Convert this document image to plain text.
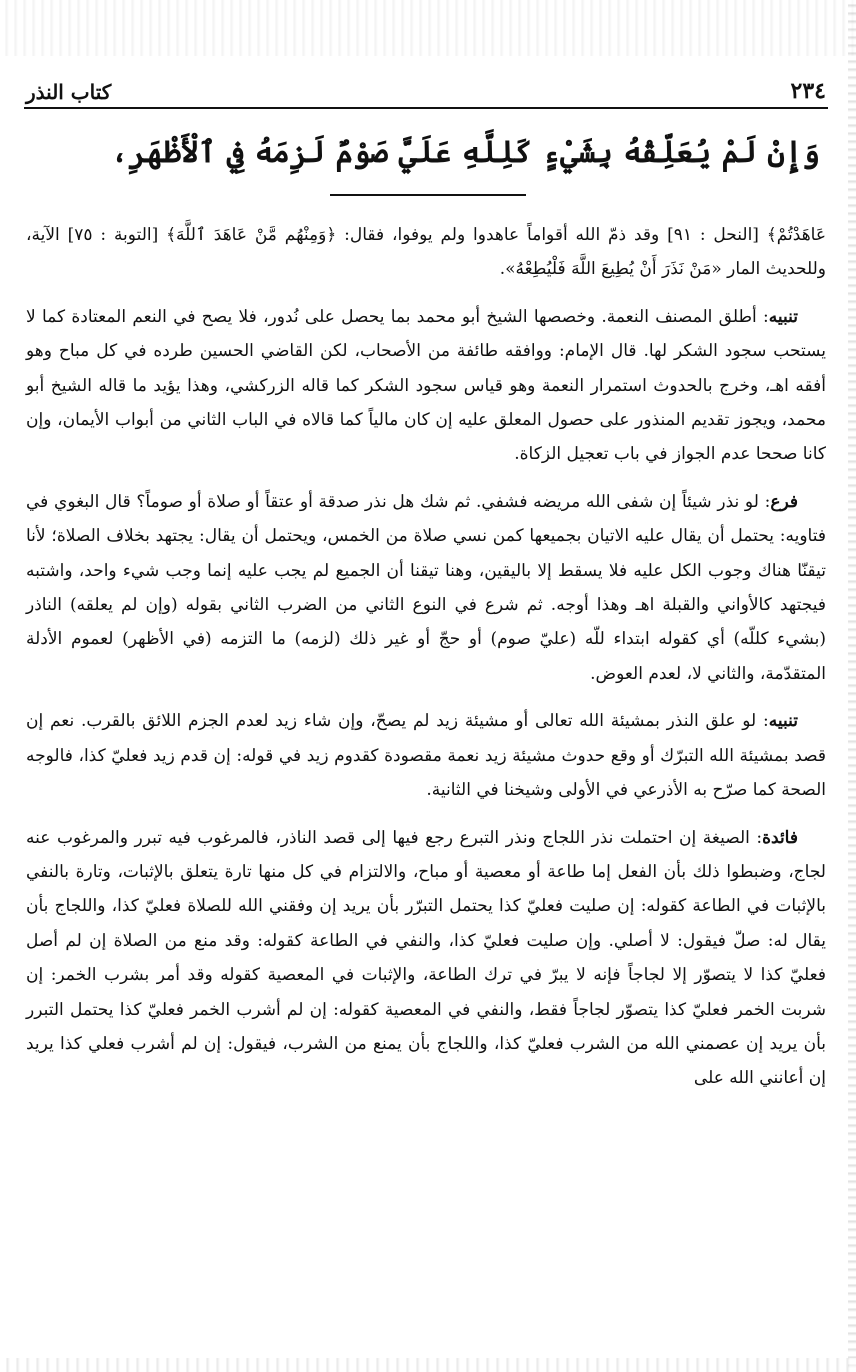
٢٣٤
كتاب النذر
وَإِنْ لَمْ يُعَلِّقْهُ بِشَيْءٍ كَلِلَّهِ عَلَيَّ صَوْمٌ لَزِمَهُ فِي ٱلْأَظْهَرِ،

عَاهَدْتُمْ﴾ [النحل : ٩١] وقد ذمّ الله أقواماً عاهدوا ولم يوفوا، فقال: ﴿وَمِنْهُم مَّنْ عَاهَدَ ٱللَّهَ﴾ [التوبة : ٧٥] الآية، وللحديث المار «مَنْ نَذَرَ أَنْ يُطِيعَ اللَّهَ فَلْيُطِعْهُ».

تنبيه: أطلق المصنف النعمة. وخصصها الشيخ أبو محمد بما يحصل على نُدور، فلا يصح في النعم المعتادة كما لا يستحب سجود الشكر لها. قال الإمام: ووافقه طائفة من الأصحاب، لكن القاضي الحسين طرده في كل مباح وهو أفقه اهـ، وخرج بالحدوث استمرار النعمة وهو قياس سجود الشكر كما قاله الزركشي، وهذا يؤيد ما قاله الشيخ أبو محمد، ويجوز تقديم المنذور على حصول المعلق عليه إن كان مالياً كما قالاه في الباب الثاني من أبواب الأيمان، وإن كانا صححا عدم الجواز في باب تعجيل الزكاة.

فرع: لو نذر شيئاً إن شفى الله مريضه فشفي. ثم شك هل نذر صدقة أو عتقاً أو صلاة أو صوماً؟ قال البغوي في فتاويه: يحتمل أن يقال عليه الاتيان بجميعها كمن نسي صلاة من الخمس، ويحتمل أن يقال: يجتهد بخلاف الصلاة؛ لأنا تيقنّا هناك وجوب الكل عليه فلا يسقط إلا باليقين، وهنا تيقنا أن الجميع لم يجب عليه إنما وجب شيء واحد، واشتبه فيجتهد كالأواني والقبلة اهـ وهذا أوجه. ثم شرع في النوع الثاني من الضرب الثاني بقوله (وإن لم يعلقه) الناذر (بشيء كللّه) أي كقوله ابتداء للّه (عليّ صوم) أو حجّ أو غير ذلك (لزمه) ما التزمه (في الأظهر) لعموم الأدلة المتقدّمة، والثاني لا، لعدم العوض.

تنبيه: لو علق النذر بمشيئة الله تعالى أو مشيئة زيد لم يصحّ، وإن شاء زيد لعدم الجزم اللائق بالقرب. نعم إن قصد بمشيئة الله التبرّك أو وقع حدوث مشيئة زيد نعمة مقصودة كقدوم زيد في قوله: إن قدم زيد فعليّ كذا، فالوجه الصحة كما صرّح به الأذرعي في الأولى وشيخنا في الثانية.

فائدة: الصيغة إن احتملت نذر اللجاج ونذر التبرع رجع فيها إلى قصد الناذر، فالمرغوب فيه تبرر والمرغوب عنه لجاج، وضبطوا ذلك بأن الفعل إما طاعة أو معصية أو مباح، والالتزام في كل منها تارة يتعلق بالإثبات، وتارة بالنفي بالإثبات في الطاعة كقوله: إن صليت فعليّ كذا يحتمل التبرّر بأن يريد إن وفقني الله للصلاة فعليّ كذا، واللجاج بأن يقال له: صلّ فيقول: لا أصلي. وإن صليت فعليّ كذا، والنفي في الطاعة كقوله: وقد منع من الصلاة إن لم أصل فعليّ كذا لا يتصوّر إلا لجاجاً فإنه لا يبرّ في ترك الطاعة، والإثبات في المعصية كقوله وقد أمر بشرب الخمر: إن شربت الخمر فعليّ كذا يتصوّر لجاجاً فقط، والنفي في المعصية كقوله: إن لم أشرب الخمر فعليّ كذا يحتمل التبرر بأن يريد إن عصمني الله من الشرب فعليّ كذا، واللجاج بأن يمنع من الشرب، فيقول: إن لم أشرب فعلي كذا يريد إن أعانني الله على
